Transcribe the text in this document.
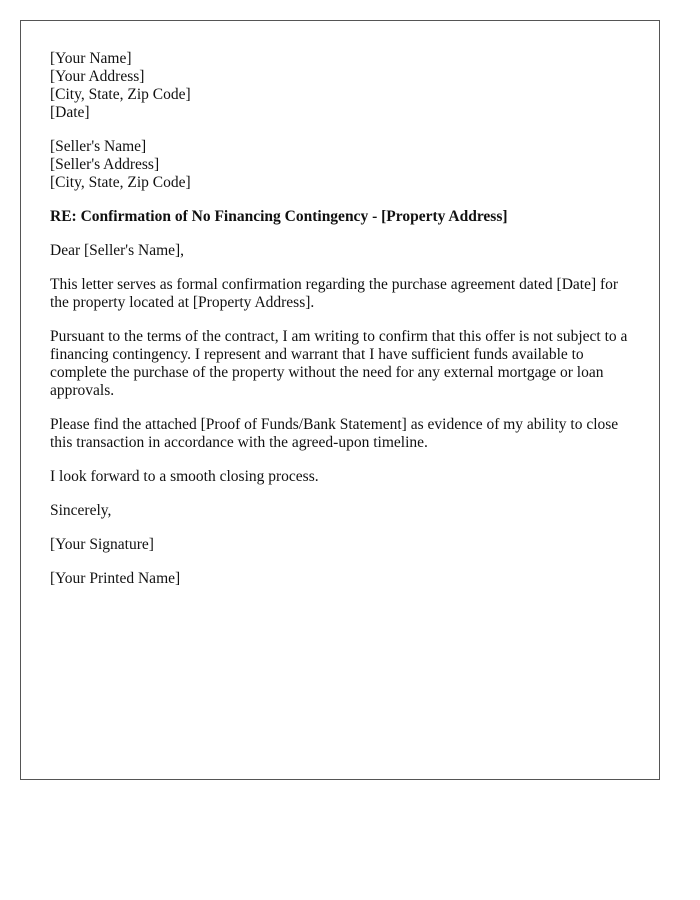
[Your Name]
[Your Address]
[City, State, Zip Code]
[Date]
[Seller's Name]
[Seller's Address]
[City, State, Zip Code]

RE: Confirmation of No Financing Contingency - [Property Address]

Dear [Seller's Name],

This letter serves as formal confirmation regarding the purchase agreement dated [Date] for the property located at [Property Address].

Pursuant to the terms of the contract, I am writing to confirm that this offer is not subject to a financing contingency. I represent and warrant that I have sufficient funds available to complete the purchase of the property without the need for any external mortgage or loan approvals.

Please find the attached [Proof of Funds/Bank Statement] as evidence of my ability to close this transaction in accordance with the agreed-upon timeline.

I look forward to a smooth closing process.

Sincerely,

[Your Signature]

[Your Printed Name]
